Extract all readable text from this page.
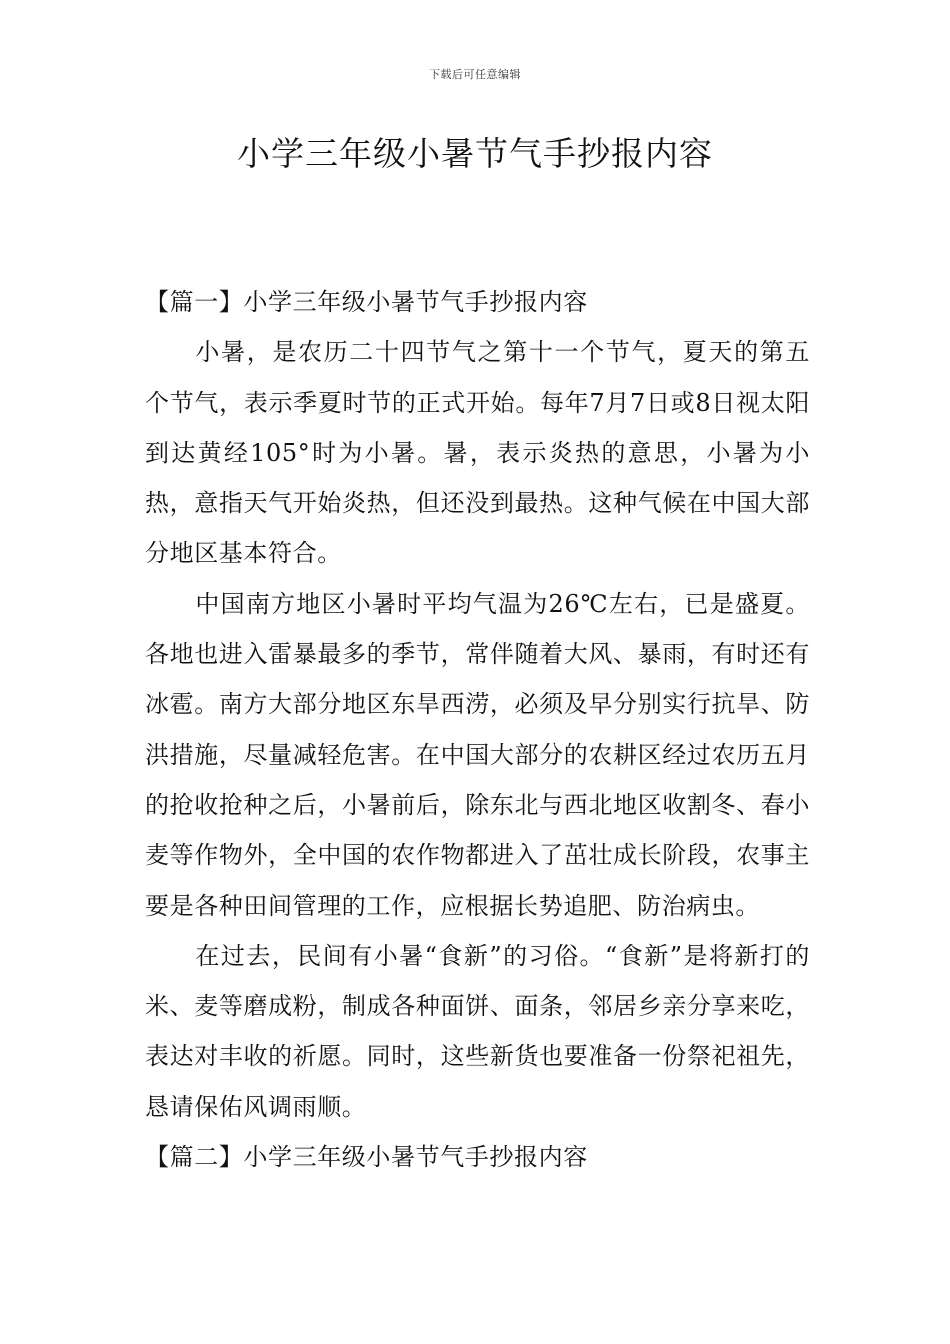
下载后可任意编辑
小学三年级小暑节气手抄报内容
【篇一】小学三年级小暑节气手抄报内容

小暑，是农历二十四节气之第十一个节气，夏天的第五个节气，表示季夏时节的正式开始。每年7月7日或8日视太阳到达黄经105°时为小暑。暑，表示炎热的意思，小暑为小热，意指天气开始炎热，但还没到最热。这种气候在中国大部分地区基本符合。

中国南方地区小暑时平均气温为26℃左右，已是盛夏。各地也进入雷暴最多的季节，常伴随着大风、暴雨，有时还有冰雹。南方大部分地区东旱西涝，必须及早分别实行抗旱、防洪措施，尽量减轻危害。在中国大部分的农耕区经过农历五月的抢收抢种之后，小暑前后，除东北与西北地区收割冬、春小麦等作物外，全中国的农作物都进入了茁壮成长阶段，农事主要是各种田间管理的工作，应根据长势追肥、防治病虫。

在过去，民间有小暑“食新”的习俗。“食新”是将新打的米、麦等磨成粉，制成各种面饼、面条，邻居乡亲分享来吃，表达对丰收的祈愿。同时，这些新货也要准备一份祭祀祖先，恳请保佑风调雨顺。

【篇二】小学三年级小暑节气手抄报内容
